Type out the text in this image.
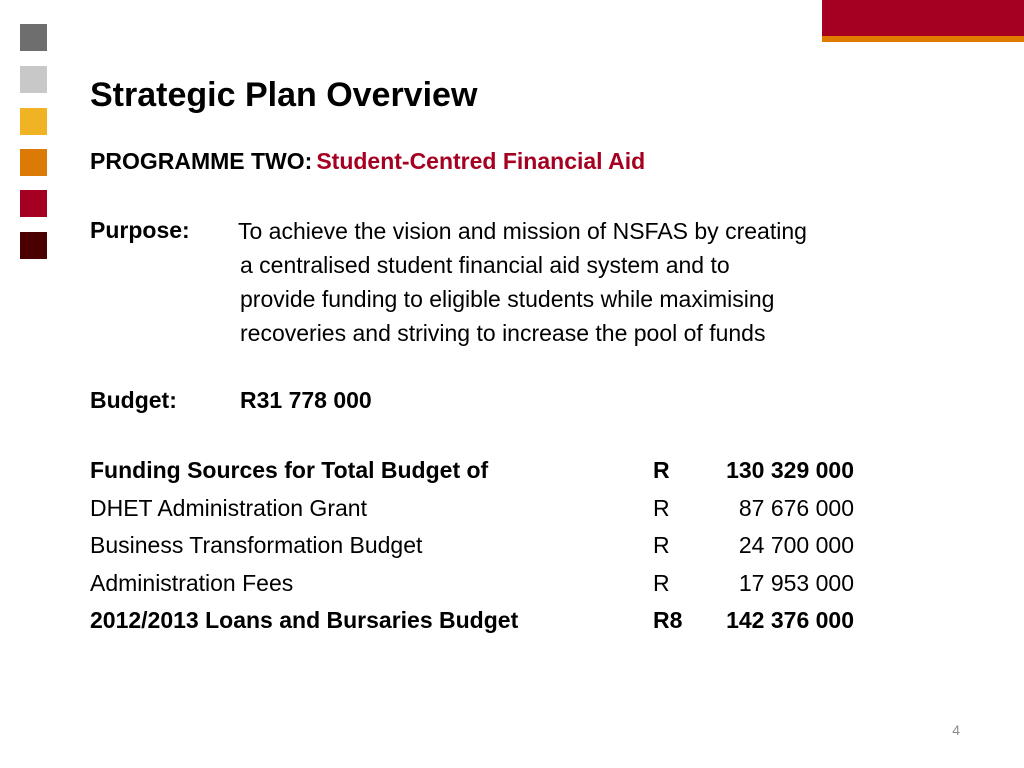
Strategic Plan Overview
PROGRAMME TWO: Student-Centred Financial Aid
Purpose:	To achieve the vision and mission of NSFAS by creating
a centralised student financial aid system and to
provide funding to eligible students while maximising
recoveries and striving to increase the pool of funds
Budget:	R31 778 000
Funding Sources for Total Budget of	R 130 329 000
DHET Administration Grant	R	87 676 000
Business Transformation Budget	R	24 700 000
Administration Fees	R	17 953 000
2012/2013 Loans and Bursaries Budget	R8 142 376 000
4
